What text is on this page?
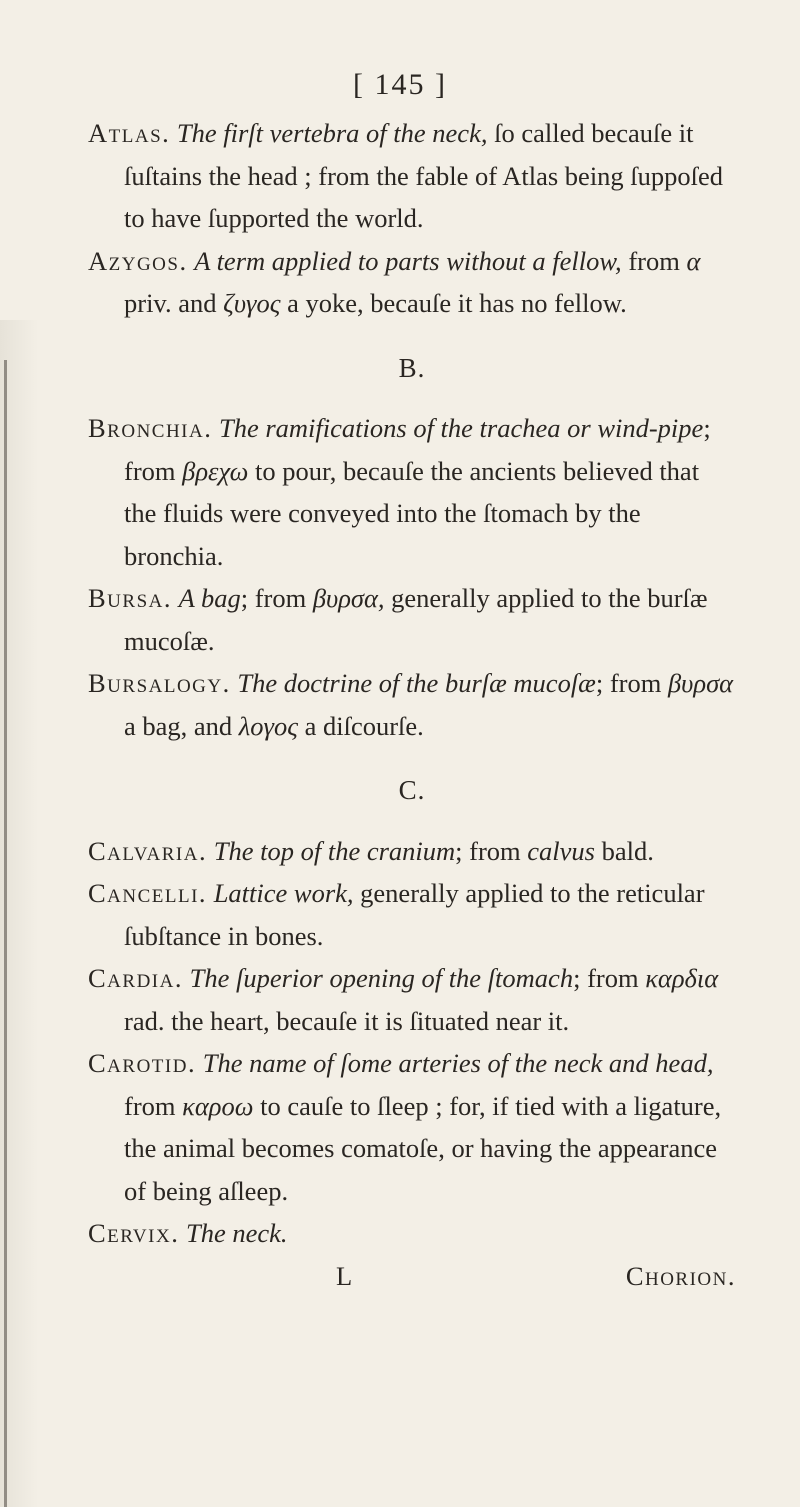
[ 145 ]

Atlas. The firſt vertebra of the neck, ſo called becauſe it ſuſtains the head ; from the fable of Atlas being ſuppoſed to have ſupported the world.

Azygos. A term applied to parts without a fellow, from α priv. and ζυγος a yoke, becauſe it has no fellow.

B.

Bronchia. The ramifications of the trachea or wind-pipe; from βρεχω to pour, becauſe the ancients believed that the fluids were conveyed into the ſtomach by the bronchia.

Bursa. A bag; from βυρσα, generally applied to the burſæ mucoſæ.

Bursalogy. The doctrine of the burſæ mucoſæ; from βυρσα a bag, and λογος a diſcourſe.

C.

Calvaria. The top of the cranium; from calvus bald.

Cancelli. Lattice work, generally applied to the reticular ſubſtance in bones.

Cardia. The ſuperior opening of the ſtomach; from καρδια rad. the heart, becauſe it is ſituated near it.

Carotid. The name of ſome arteries of the neck and head, from καροω to cauſe to ſleep ; for, if tied with a ligature, the animal becomes comatoſe, or having the appearance of being aſleep.

Cervix. The neck.

L	Chorion.
